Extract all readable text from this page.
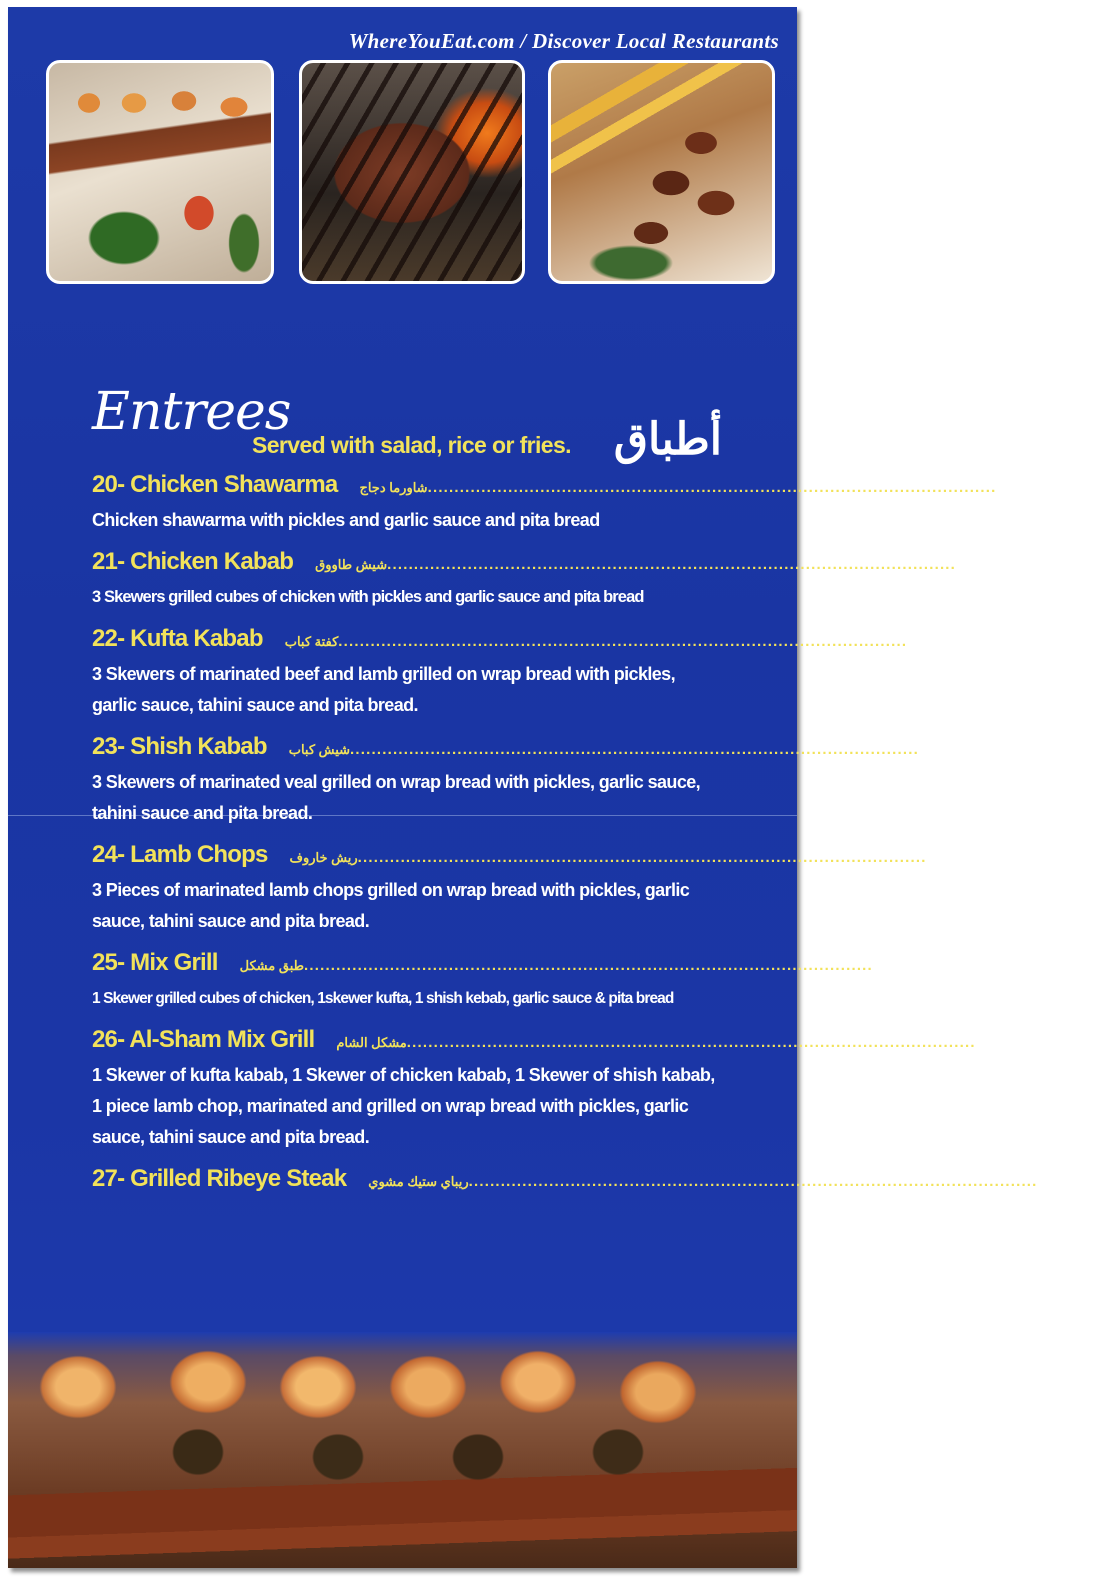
WhereYouEat.com / Discover Local Restaurants
Entrees
Served with salad, rice or fries. أطباق
20- Chicken Shawarma شاورما دجاج .......................................................................................................... $20.00
Chicken shawarma with pickles and garlic sauce and pita bread
21- Chicken Kabab شيش طاووق .......................................................................................................... $23.00
3 Skewers grilled cubes of chicken with pickles and garlic sauce and pita bread
22- Kufta Kabab كفتة كباب .......................................................................................................... $23.00
3 Skewers of marinated beef and lamb grilled on wrap bread with pickles,
garlic sauce, tahini sauce and pita bread.
23- Shish Kabab شيش كباب .......................................................................................................... $24.00
3 Skewers of marinated veal grilled on wrap bread with pickles, garlic sauce,
tahini sauce and pita bread.
24- Lamb Chops ريش خاروف .......................................................................................................... $28.00
3 Pieces of marinated lamb chops grilled on wrap bread with pickles, garlic
sauce, tahini sauce and pita bread.
25- Mix Grill طبق مشكل .......................................................................................................... $23.00
1 Skewer grilled cubes of chicken, 1skewer kufta, 1 shish kebab, garlic sauce & pita bread
26- Al-Sham Mix Grill مشكل الشام .......................................................................................................... $28.00
1 Skewer of kufta kabab, 1 Skewer of chicken kabab, 1 Skewer of shish kabab,
1 piece lamb chop, marinated and grilled on wrap bread with pickles, garlic
sauce, tahini sauce and pita bread.
27- Grilled Ribeye Steak ريباي ستيك مشوي .......................................................................................................... $29.00
